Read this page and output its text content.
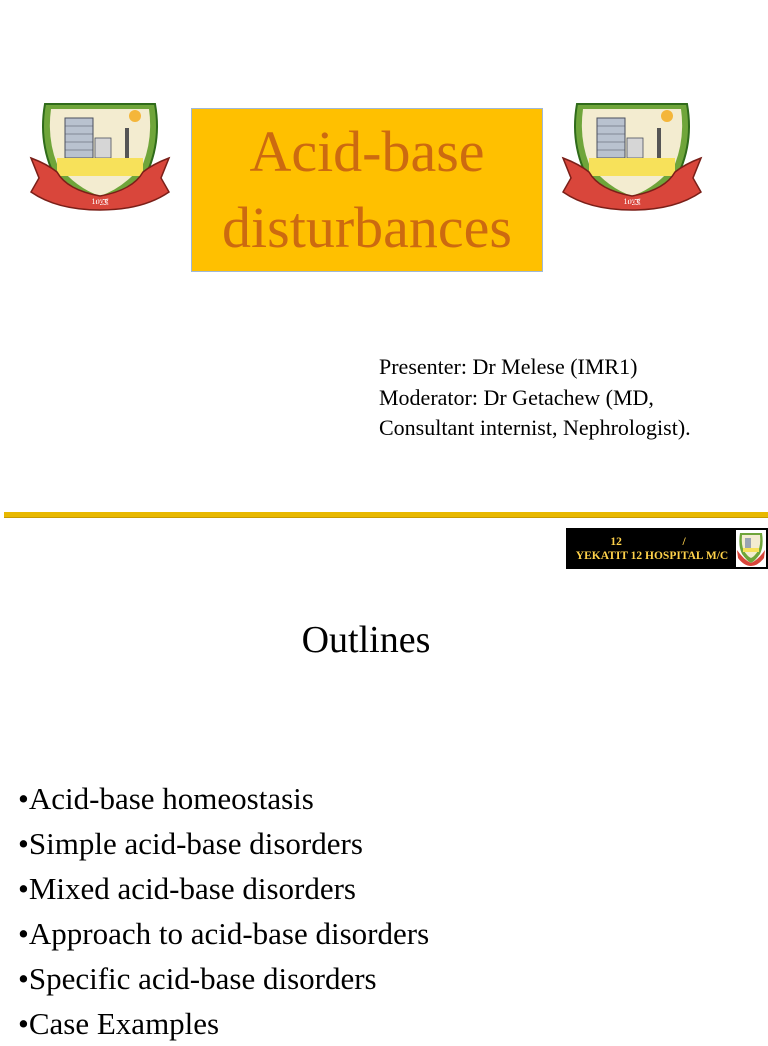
1ዐ፲፪
Acid-base
disturbances	1ዐ፲፪
Presenter: Dr Melese (IMR1)
Moderator: Dr Getachew (MD,
Consultant internist, Nephrologist).
12	/
YEKATIT 12 HOSPITAL M/C
Outlines
•Acid-base homeostasis
•Simple acid-base disorders
•Mixed acid-base disorders
•Approach to acid-base disorders
•Specific acid-base disorders
•Case Examples
